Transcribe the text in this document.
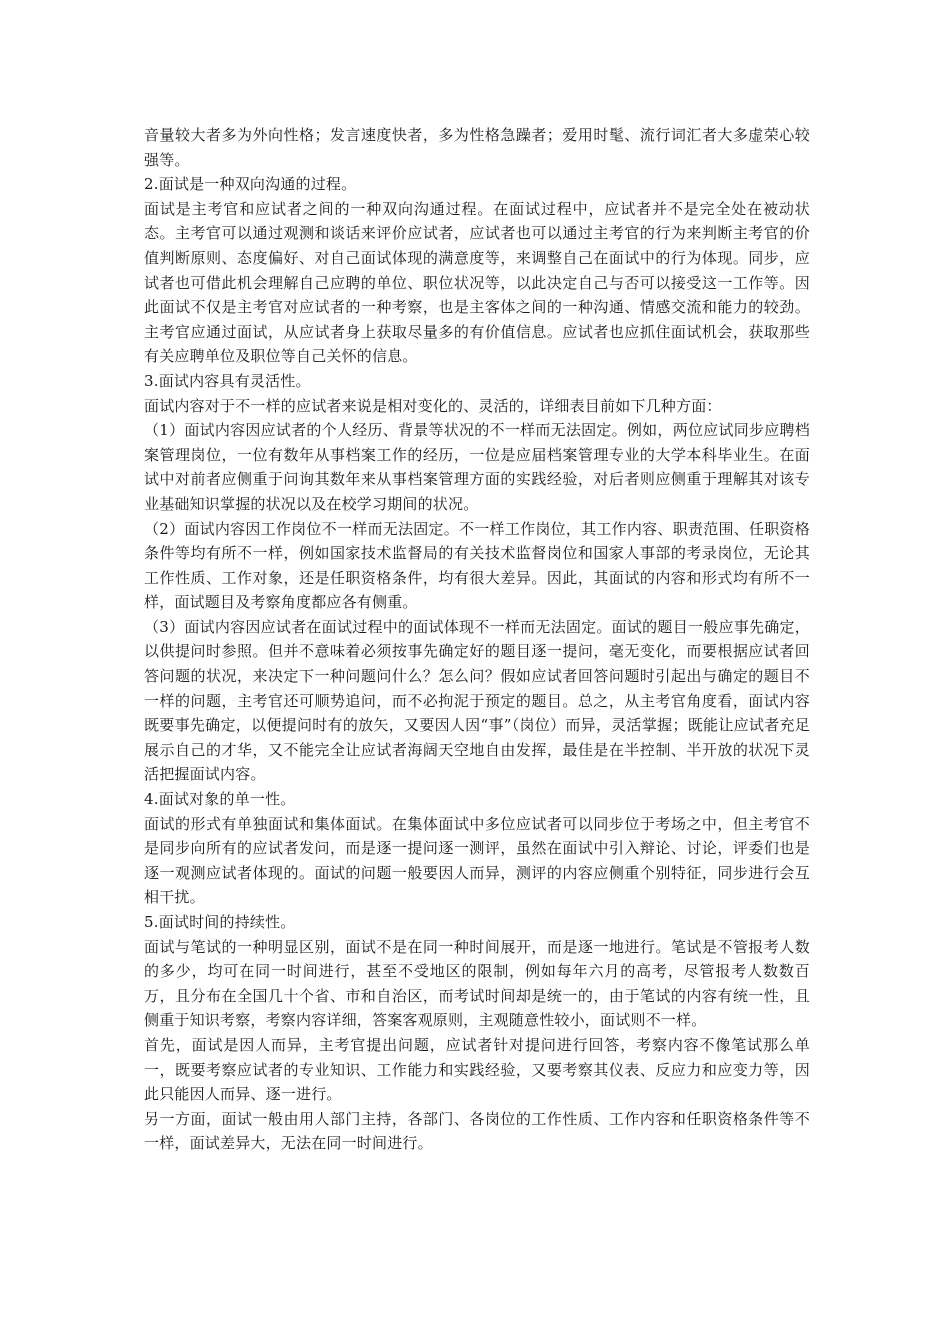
音量较大者多为外向性格；发言速度快者，多为性格急躁者；爱用时髦、流行词汇者大多虚荣心较强等。

2.面试是一种双向沟通的过程。

面试是主考官和应试者之间的一种双向沟通过程。在面试过程中，应试者并不是完全处在被动状态。主考官可以通过观测和谈话来评价应试者，应试者也可以通过主考官的行为来判断主考官的价值判断原则、态度偏好、对自己面试体现的满意度等，来调整自己在面试中的行为体现。同步，应试者也可借此机会理解自己应聘的单位、职位状况等，以此决定自己与否可以接受这一工作等。因此面试不仅是主考官对应试者的一种考察，也是主客体之间的一种沟通、情感交流和能力的较劲。主考官应通过面试，从应试者身上获取尽量多的有价值信息。应试者也应抓住面试机会，获取那些有关应聘单位及职位等自己关怀的信息。

3.面试内容具有灵活性。

面试内容对于不一样的应试者来说是相对变化的、灵活的，详细表目前如下几种方面：

（1）面试内容因应试者的个人经历、背景等状况的不一样而无法固定。例如，两位应试同步应聘档案管理岗位，一位有数年从事档案工作的经历，一位是应届档案管理专业的大学本科毕业生。在面试中对前者应侧重于问询其数年来从事档案管理方面的实践经验，对后者则应侧重于理解其对该专业基础知识掌握的状况以及在校学习期间的状况。

（2）面试内容因工作岗位不一样而无法固定。不一样工作岗位，其工作内容、职责范围、任职资格条件等均有所不一样，例如国家技术监督局的有关技术监督岗位和国家人事部的考录岗位，无论其工作性质、工作对象，还是任职资格条件，均有很大差异。因此，其面试的内容和形式均有所不一样，面试题目及考察角度都应各有侧重。

（3）面试内容因应试者在面试过程中的面试体现不一样而无法固定。面试的题目一般应事先确定，以供提问时参照。但并不意味着必须按事先确定好的题目逐一提问，毫无变化，而要根据应试者回答问题的状况，来决定下一种问题问什么？怎么问？假如应试者回答问题时引起出与确定的题目不一样的问题，主考官还可顺势追问，而不必拘泥于预定的题目。总之，从主考官角度看，面试内容既要事先确定，以便提问时有的放矢，又要因人因“事”（岗位）而异，灵活掌握；既能让应试者充足展示自己的才华，又不能完全让应试者海阔天空地自由发挥，最佳是在半控制、半开放的状况下灵活把握面试内容。

4.面试对象的单一性。

面试的形式有单独面试和集体面试。在集体面试中多位应试者可以同步位于考场之中，但主考官不是同步向所有的应试者发问，而是逐一提问逐一测评，虽然在面试中引入辩论、讨论，评委们也是逐一观测应试者体现的。面试的问题一般要因人而异，测评的内容应侧重个别特征，同步进行会互相干扰。

5.面试时间的持续性。

面试与笔试的一种明显区别，面试不是在同一种时间展开，而是逐一地进行。笔试是不管报考人数的多少，均可在同一时间进行，甚至不受地区的限制，例如每年六月的高考，尽管报考人数数百万，且分布在全国几十个省、市和自治区，而考试时间却是统一的，由于笔试的内容有统一性，且侧重于知识考察，考察内容详细，答案客观原则，主观随意性较小，面试则不一样。

首先，面试是因人而异，主考官提出问题，应试者针对提问进行回答，考察内容不像笔试那么单一，既要考察应试者的专业知识、工作能力和实践经验，又要考察其仪表、反应力和应变力等，因此只能因人而异、逐一进行。

另一方面，面试一般由用人部门主持，各部门、各岗位的工作性质、工作内容和任职资格条件等不一样，面试差异大，无法在同一时间进行。
